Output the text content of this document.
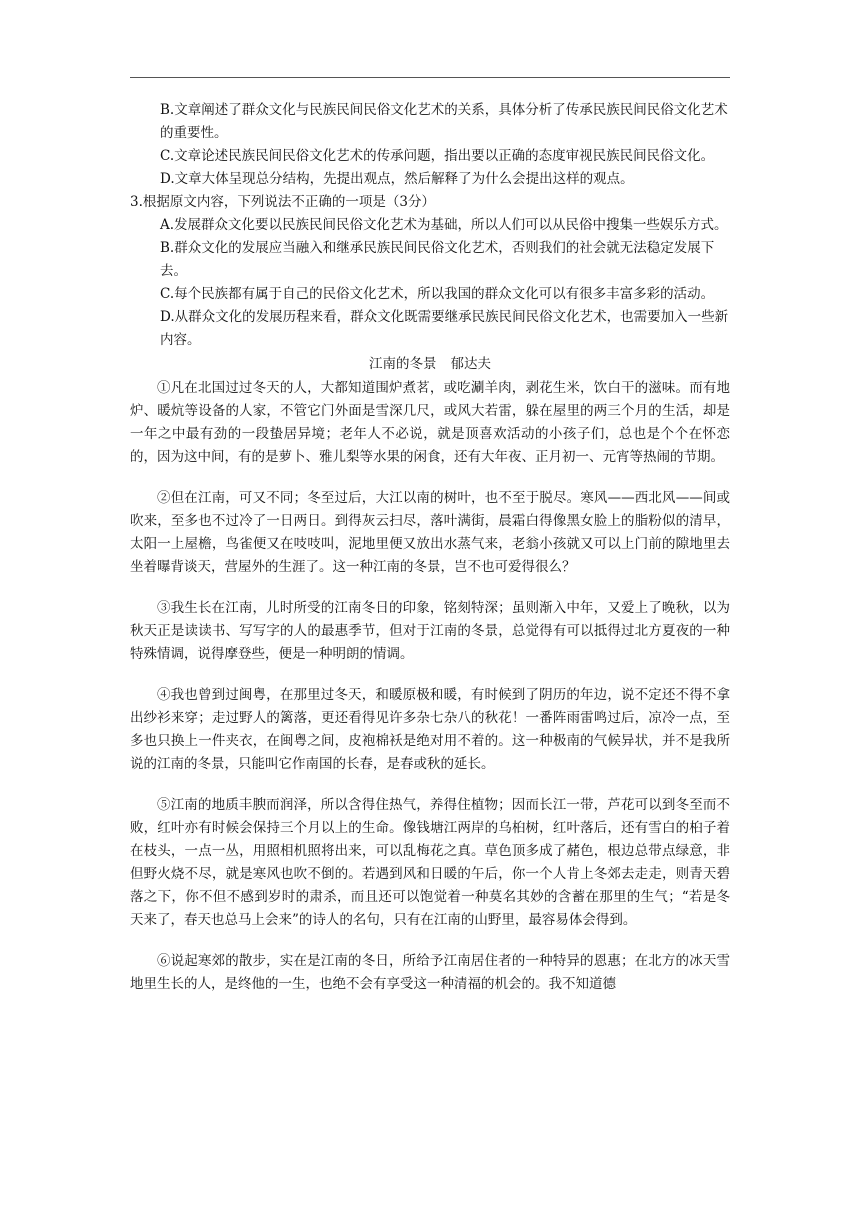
B.文章阐述了群众文化与民族民间民俗文化艺术的关系，具体分析了传承民族民间民俗文化艺术的重要性。
C.文章论述民族民间民俗文化艺术的传承问题，指出要以正确的态度审视民族民间民俗文化。
D.文章大体呈现总分结构，先提出观点，然后解释了为什么会提出这样的观点。
3.根据原文内容，下列说法不正确的一项是（3分）
A.发展群众文化要以民族民间民俗文化艺术为基础，所以人们可以从民俗中搜集一些娱乐方式。
B.群众文化的发展应当融入和继承民族民间民俗文化艺术，否则我们的社会就无法稳定发展下去。
C.每个民族都有属于自己的民俗文化艺术，所以我国的群众文化可以有很多丰富多彩的活动。
D.从群众文化的发展历程来看，群众文化既需要继承民族民间民俗文化艺术，也需要加入一些新内容。
江南的冬景 郁达夫
①凡在北国过过冬天的人，大都知道围炉煮茗，或吃涮羊肉，剥花生米，饮白干的滋味。而有地炉、暖炕等设备的人家，不管它门外面是雪深几尺，或风大若雷，躲在屋里的两三个月的生活，却是一年之中最有劲的一段蛰居异境；老年人不必说，就是顶喜欢活动的小孩子们，总也是个个在怀恋的，因为这中间，有的是萝卜、雅儿梨等水果的闲食，还有大年夜、正月初一、元宵等热闹的节期。
②但在江南，可又不同；冬至过后，大江以南的树叶，也不至于脱尽。寒风——西北风——间或吹来，至多也不过冷了一日两日。到得灰云扫尽，落叶满街，晨霜白得像黑女脸上的脂粉似的清早，太阳一上屋檐，鸟雀便又在吱吱叫，泥地里便又放出水蒸气来，老翁小孩就又可以上门前的隙地里去坐着曝背谈天，营屋外的生涯了。这一种江南的冬景，岂不也可爱得很么？
③我生长在江南，儿时所受的江南冬日的印象，铭刻特深；虽则渐入中年，又爱上了晚秋，以为秋天正是读读书、写写字的人的最惠季节，但对于江南的冬景，总觉得有可以抵得过北方夏夜的一种特殊情调，说得摩登些，便是一种明朗的情调。
④我也曾到过闽粤，在那里过冬天，和暖原极和暖，有时候到了阴历的年边，说不定还不得不拿出纱衫来穿；走过野人的篱落，更还看得见许多杂七杂八的秋花！一番阵雨雷鸣过后，凉冷一点，至多也只换上一件夹衣，在闽粤之间，皮袍棉袄是绝对用不着的。这一种极南的气候异状，并不是我所说的江南的冬景，只能叫它作南国的长春，是春或秋的延长。
⑤江南的地质丰腴而润泽，所以含得住热气，养得住植物；因而长江一带，芦花可以到冬至而不败，红叶亦有时候会保持三个月以上的生命。像钱塘江两岸的乌桕树，红叶落后，还有雪白的桕子着在枝头，一点一丛，用照相机照将出来，可以乱梅花之真。草色顶多成了赭色，根边总带点绿意，非但野火烧不尽，就是寒风也吹不倒的。若遇到风和日暖的午后，你一个人肯上冬郊去走走，则青天碧落之下，你不但不感到岁时的肃杀，而且还可以饱觉着一种莫名其妙的含蓄在那里的生气；“若是冬天来了，春天也总马上会来”的诗人的名句，只有在江南的山野里，最容易体会得到。
⑥说起寒郊的散步，实在是江南的冬日，所给予江南居住者的一种特异的恩惠；在北方的冰天雪地里生长的人，是终他的一生，也绝不会有享受这一种清福的机会的。我不知道德
